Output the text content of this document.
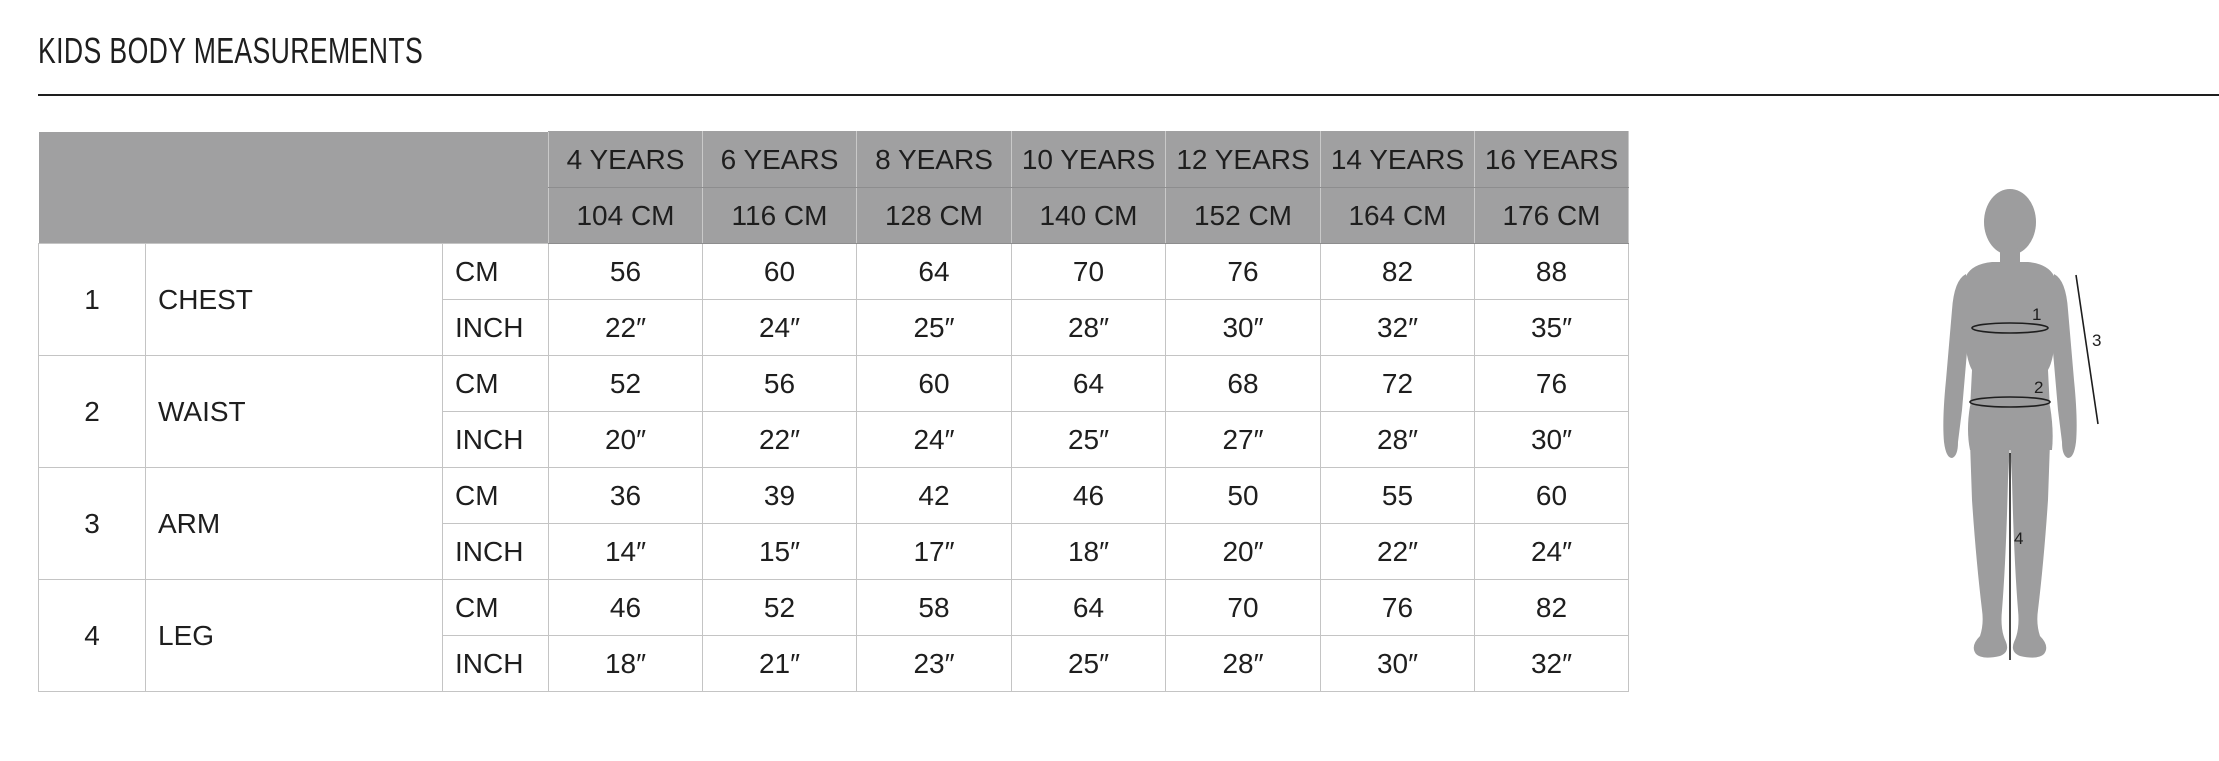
KIDS BODY MEASUREMENTS
			4 YEARS	6 YEARS	8 YEARS	10 YEARS	12 YEARS	14 YEARS	16 YEARS
			104 CM	116 CM	128 CM	140 CM	152 CM	164 CM	176 CM
1	CHEST	CM	56	60	64	70	76	82	88
		INCH	22″	24″	25″	28″	30″	32″	35″
2	WAIST	CM	52	56	60	64	68	72	76
		INCH	20″	22″	24″	25″	27″	28″	30″
3	ARM	CM	36	39	42	46	50	55	60
		INCH	14″	15″	17″	18″	20″	22″	24″
4	LEG	CM	46	52	58	64	70	76	82
		INCH	18″	21″	23″	25″	28″	30″	32″
1
2
3
4
